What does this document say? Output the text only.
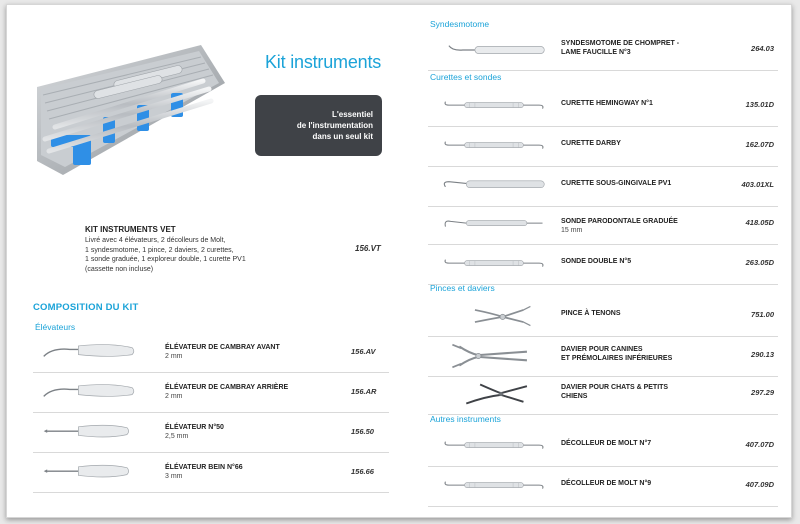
Kit instruments
L'essentiel
de l'instrumentation
dans un seul kit
KIT INSTRUMENTS VET
Livré avec 4 élévateurs, 2 décolleurs de Molt,
1 syndesmotome, 1 pince, 2 daviers, 2 curettes,
1 sonde graduée, 1 exploreur double, 1 curette PV1
(cassette non incluse)
156.VT
COMPOSITION DU KIT
Élévateurs
ÉLÉVATEUR DE CAMBRAY AVANT
2 mm
156.AV
ÉLÉVATEUR DE CAMBRAY ARRIÈRE
2 mm
156.AR
ÉLÉVATEUR N°50
2,5 mm
156.50
ÉLÉVATEUR BEIN N°66
3 mm
156.66
Syndesmotome
Curettes et sondes
Pinces et daviers
Autres instruments
SYNDESMOTOME DE CHOMPRET -
LAME FAUCILLE N°3	264.03
CURETTE HEMINGWAY N°1	135.01D
CURETTE DARBY	162.07D
CURETTE SOUS-GINGIVALE PV1	403.01XL
SONDE PARODONTALE GRADUÉE
15 mm
418.05D
SONDE DOUBLE N°5	263.05D
PINCE À TENONS	751.00
DAVIER POUR CANINES
ET PRÉMOLAIRES INFÉRIEURES	290.13
DAVIER POUR CHATS & PETITS
CHIENS	297.29
DÉCOLLEUR DE MOLT N°7	407.07D
DÉCOLLEUR DE MOLT N°9	407.09D
